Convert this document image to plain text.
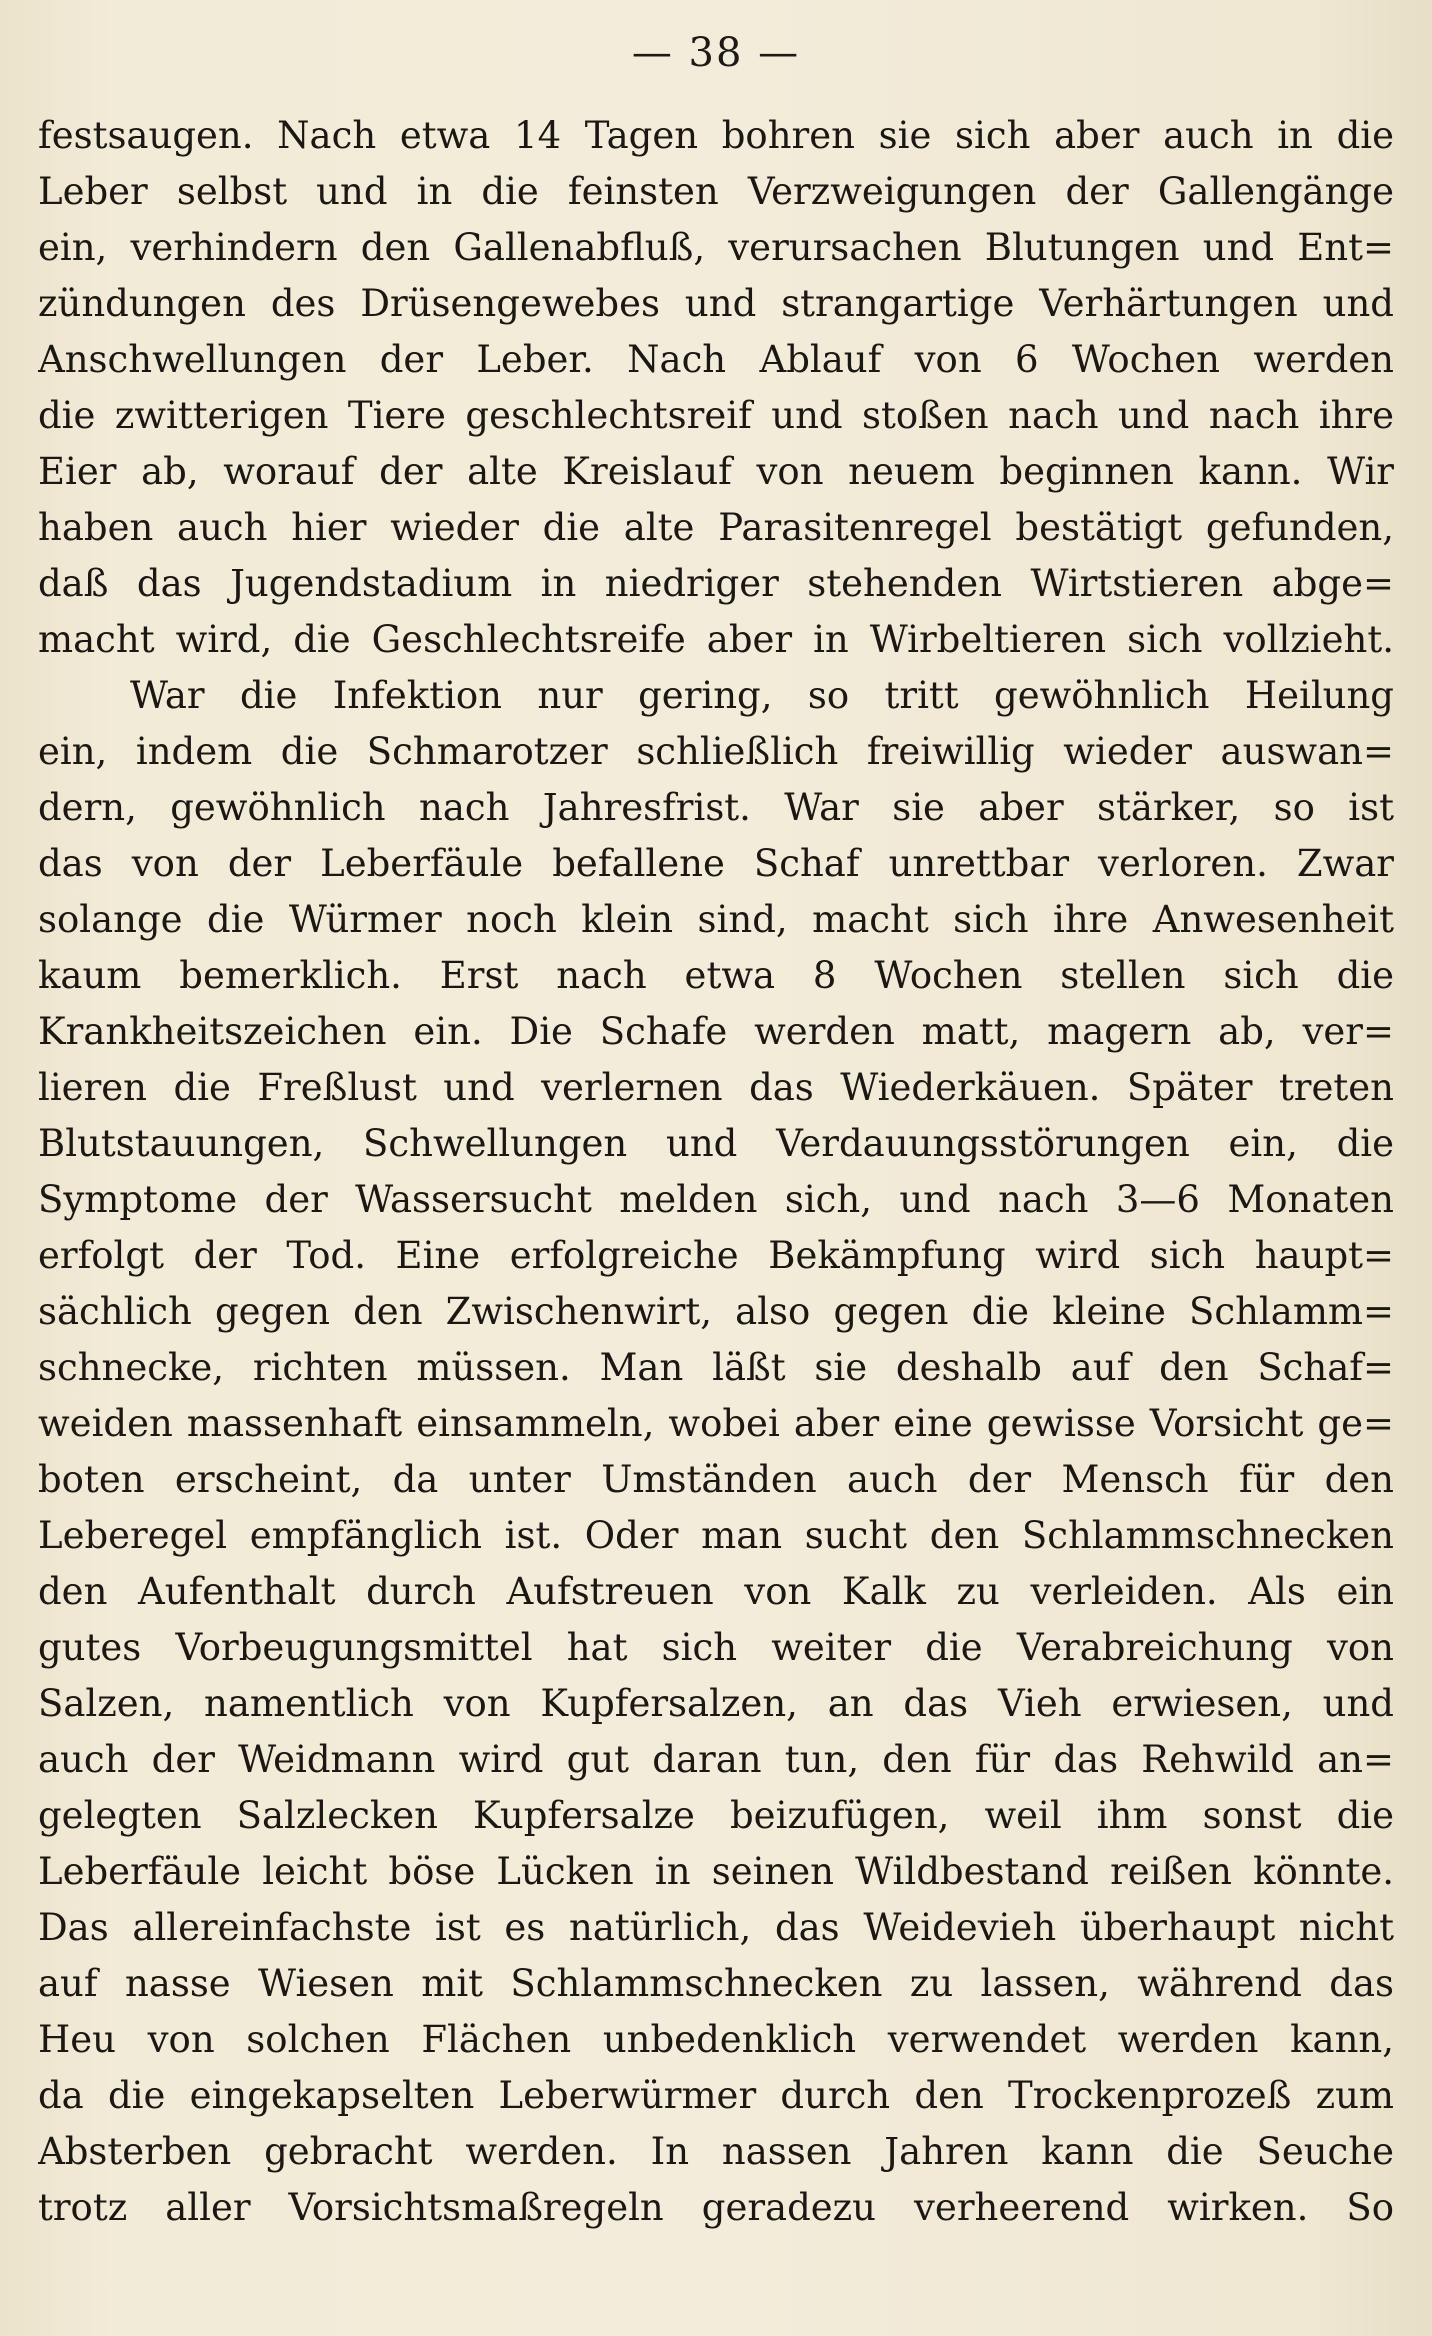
— 38 —
festsaugen. Nach etwa 14 Tagen bohren sie sich aber auch in die
Leber selbst und in die feinsten Verzweigungen der Gallengänge
ein, verhindern den Gallenabfluß, verursachen Blutungen und Ent=
zündungen des Drüsengewebes und strangartige Verhärtungen und
Anschwellungen der Leber. Nach Ablauf von 6 Wochen werden
die zwitterigen Tiere geschlechtsreif und stoßen nach und nach ihre
Eier ab, worauf der alte Kreislauf von neuem beginnen kann. Wir
haben auch hier wieder die alte Parasitenregel bestätigt gefunden,
daß das Jugendstadium in niedriger stehenden Wirtstieren abge=
macht wird, die Geschlechtsreife aber in Wirbeltieren sich vollzieht.
War die Infektion nur gering, so tritt gewöhnlich Heilung
ein, indem die Schmarotzer schließlich freiwillig wieder auswan=
dern, gewöhnlich nach Jahresfrist. War sie aber stärker, so ist
das von der Leberfäule befallene Schaf unrettbar verloren. Zwar
solange die Würmer noch klein sind, macht sich ihre Anwesenheit
kaum bemerklich. Erst nach etwa 8 Wochen stellen sich die
Krankheitszeichen ein. Die Schafe werden matt, magern ab, ver=
lieren die Freßlust und verlernen das Wiederkäuen. Später treten
Blutstauungen, Schwellungen und Verdauungsstörungen ein, die
Symptome der Wassersucht melden sich, und nach 3—6 Monaten
erfolgt der Tod. Eine erfolgreiche Bekämpfung wird sich haupt=
sächlich gegen den Zwischenwirt, also gegen die kleine Schlamm=
schnecke, richten müssen. Man läßt sie deshalb auf den Schaf=
weiden massenhaft einsammeln, wobei aber eine gewisse Vorsicht ge=
boten erscheint, da unter Umständen auch der Mensch für den
Leberegel empfänglich ist. Oder man sucht den Schlammschnecken
den Aufenthalt durch Aufstreuen von Kalk zu verleiden. Als ein
gutes Vorbeugungsmittel hat sich weiter die Verabreichung von
Salzen, namentlich von Kupfersalzen, an das Vieh erwiesen, und
auch der Weidmann wird gut daran tun, den für das Rehwild an=
gelegten Salzlecken Kupfersalze beizufügen, weil ihm sonst die
Leberfäule leicht böse Lücken in seinen Wildbestand reißen könnte.
Das allereinfachste ist es natürlich, das Weidevieh überhaupt nicht
auf nasse Wiesen mit Schlammschnecken zu lassen, während das
Heu von solchen Flächen unbedenklich verwendet werden kann,
da die eingekapselten Leberwürmer durch den Trockenprozeß zum
Absterben gebracht werden. In nassen Jahren kann die Seuche
trotz aller Vorsichtsmaßregeln geradezu verheerend wirken. So
